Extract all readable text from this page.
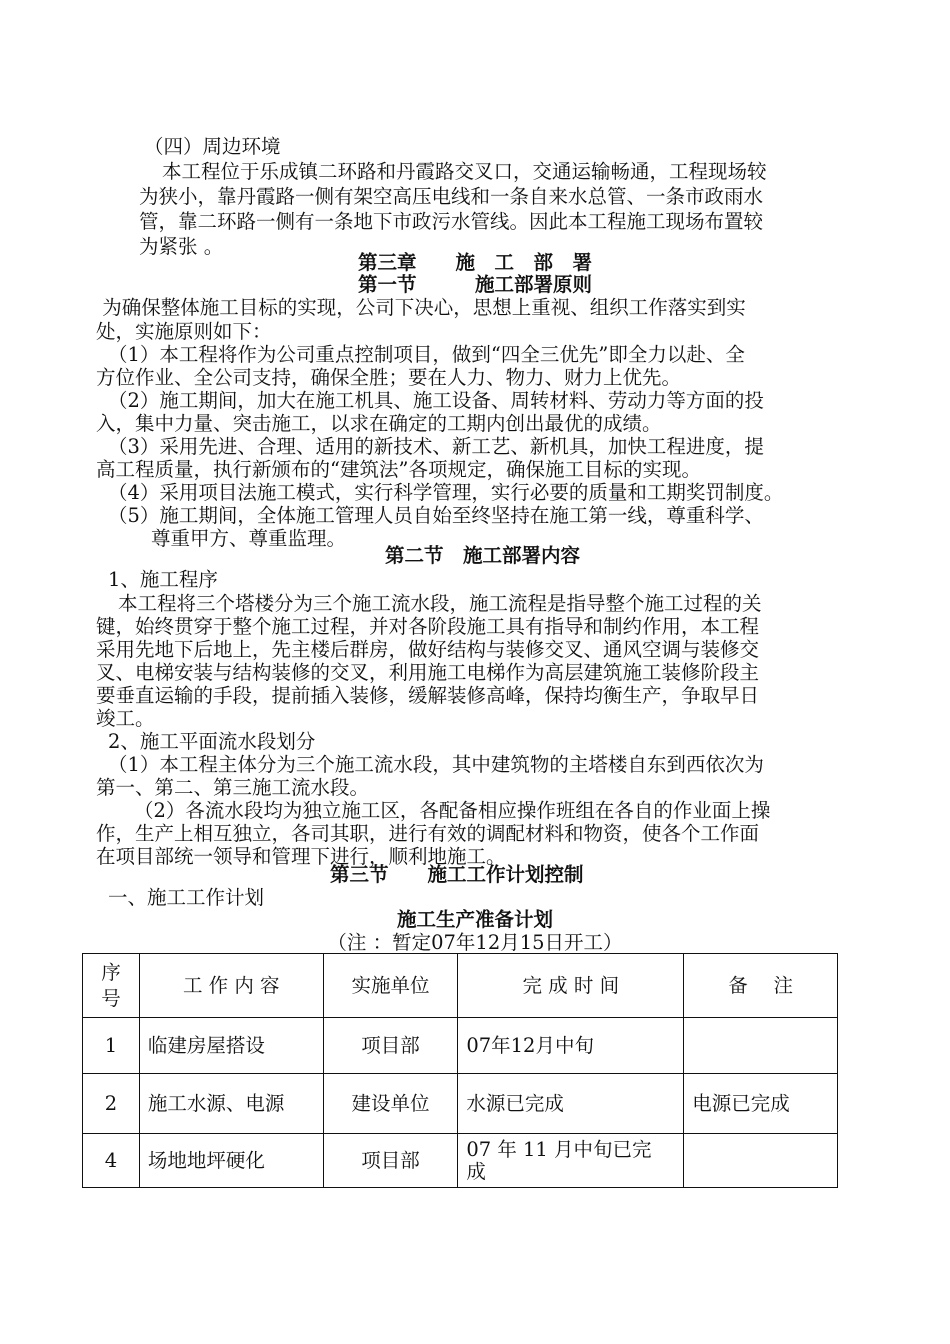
（四）周边环境
本工程位于乐成镇二环路和丹霞路交叉口，交通运输畅通，工程现场较
为狭小，靠丹霞路一侧有架空高压电线和一条自来水总管、一条市政雨水
管，靠二环路一侧有一条地下市政污水管线。因此本工程施工现场布置较
为紧张 。
第三章　　施　工　部　署
第一节　　　施工部署原则
为确保整体施工目标的实现，公司下决心，思想上重视、组织工作落实到实
处，实施原则如下：
（1）本工程将作为公司重点控制项目，做到“四全三优先”即全力以赴、全
方位作业、全公司支持，确保全胜；要在人力、物力、财力上优先。
（2）施工期间，加大在施工机具、施工设备、周转材料、劳动力等方面的投
入，集中力量、突击施工，以求在确定的工期内创出最优的成绩。
（3）采用先进、合理、适用的新技术、新工艺、新机具，加快工程进度，提
高工程质量，执行新颁布的“建筑法”各项规定，确保施工目标的实现。
（4）采用项目法施工模式，实行科学管理，实行必要的质量和工期奖罚制度。
（5）施工期间，全体施工管理人员自始至终坚持在施工第一线，尊重科学、
尊重甲方、尊重监理。
第二节　施工部署内容
1、施工程序
本工程将三个塔楼分为三个施工流水段，施工流程是指导整个施工过程的关
键，始终贯穿于整个施工过程，并对各阶段施工具有指导和制约作用，本工程
采用先地下后地上，先主楼后群房，做好结构与装修交叉、通风空调与装修交
叉、电梯安装与结构装修的交叉，利用施工电梯作为高层建筑施工装修阶段主
要垂直运输的手段，提前插入装修，缓解装修高峰，保持均衡生产，争取早日
竣工。
2、施工平面流水段划分
（1）本工程主体分为三个施工流水段，其中建筑物的主塔楼自东到西依次为
第一、第二、第三施工流水段。
（2）各流水段均为独立施工区，各配备相应操作班组在各自的作业面上操
作，生产上相互独立，各司其职，进行有效的调配材料和物资，使各个工作面
在项目部统一领导和管理下进行，顺利地施工。
第三节　　施工工作计划控制
一、施工工作计划
施工生产准备计划
（注 ：暂定07年12月15日开工）
序
号	工 作 内 容	实施单位	完 成 时 间	备　 注
1	临建房屋搭设	项目部	07年12月中旬	
2	施工水源、电源	建设单位	水源已完成	电源已完成
4	场地地坪硬化	项目部	07 年 11 月中旬已完
成	
